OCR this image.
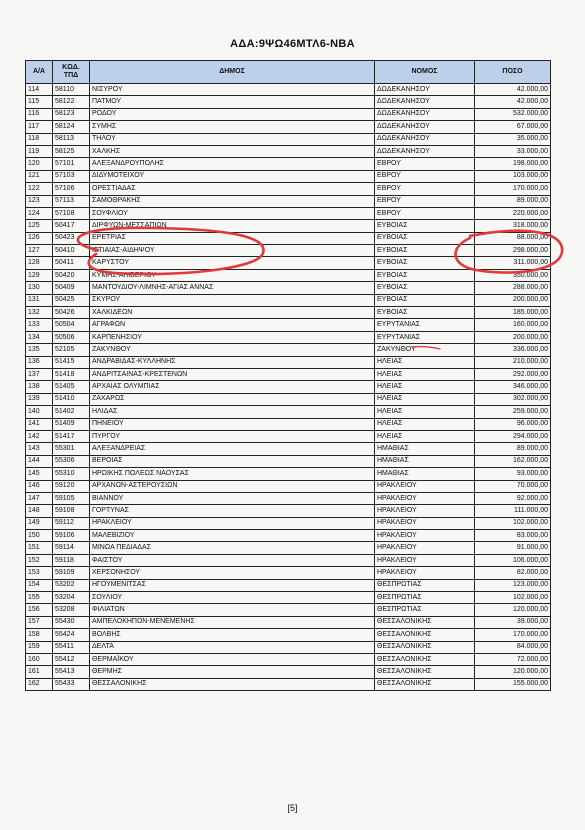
ΑΔΑ:9ΨΩ46ΜΤΛ6-ΝΒΑ
Α/Α	ΚΩΔ.
ΤΠΔ	ΔΗΜΟΣ	ΝΟΜΟΣ	ΠΟΣΟ
114	58110	ΝΙΣΥΡΟΥ	ΔΩΔΕΚΑΝΗΣΟΥ	42.000,00
115	58122	ΠΑΤΜΟΥ	ΔΩΔΕΚΑΝΗΣΟΥ	42.000,00
116	58123	ΡΟΔΟΥ	ΔΩΔΕΚΑΝΗΣΟΥ	532.000,00
117	58124	ΣΥΜΗΣ	ΔΩΔΕΚΑΝΗΣΟΥ	67.000,00
118	58113	ΤΗΛΟΥ	ΔΩΔΕΚΑΝΗΣΟΥ	35.000,00
119	58125	ΧΑΛΚΗΣ	ΔΩΔΕΚΑΝΗΣΟΥ	33.000,00
120	57101	ΑΛΕΞΑΝΔΡΟΥΠΟΛΗΣ	ΕΒΡΟΥ	198.000,00
121	57103	ΔΙΔΥΜΟΤΕΙΧΟΥ	ΕΒΡΟΥ	103.000,00
122	57106	ΟΡΕΣΤΙΑΔΑΣ	ΕΒΡΟΥ	170.000,00
123	57113	ΣΑΜΟΘΡΑΚΗΣ	ΕΒΡΟΥ	89.000,00
124	57108	ΣΟΥΦΛΙΟΥ	ΕΒΡΟΥ	220.000,00
125	50417	ΔΙΡΦΥΩΝ-ΜΕΣΣΑΠΙΩΝ	ΕΥΒΟΙΑΣ	318.000,00
126	50423	ΕΡΕΤΡΙΑΣ	ΕΥΒΟΙΑΣ	88.000,00
127	50410	ΙΣΤΙΑΙΑΣ-ΑΙΔΗΨΟΥ	ΕΥΒΟΙΑΣ	298.000,00
128	50411	ΚΑΡΥΣΤΟΥ	ΕΥΒΟΙΑΣ	311.000,00
129	50420	ΚΥΜΗΣ-ΑΛΙΒΕΡΙΟΥ	ΕΥΒΟΙΑΣ	350.000,00
130	50409	ΜΑΝΤΟΥΔΙΟΥ-ΛΙΜΝΗΣ-ΑΓΙΑΣ ΑΝΝΑΣ	ΕΥΒΟΙΑΣ	288.000,00
131	50425	ΣΚΥΡΟΥ	ΕΥΒΟΙΑΣ	200.000,00
132	50426	ΧΑΛΚΙΔΕΩΝ	ΕΥΒΟΙΑΣ	185.000,00
133	50504	ΑΓΡΑΦΩΝ	ΕΥΡΥΤΑΝΙΑΣ	160.000,00
134	50506	ΚΑΡΠΕΝΗΣΙΟΥ	ΕΥΡΥΤΑΝΙΑΣ	200.000,00
135	52105	ΖΑΚΥΝΘΟΥ	ΖΑΚΥΝΘΟΥ	336.000,00
136	51415	ΑΝΔΡΑΒΙΔΑΣ-ΚΥΛΛΗΝΗΣ	ΗΛΕΙΑΣ	210.000,00
137	51418	ΑΝΔΡΙΤΣΑΙΝΑΣ-ΚΡΕΣΤΕΝΩΝ	ΗΛΕΙΑΣ	292.000,00
138	51405	ΑΡΧΑΙΑΣ ΟΛΥΜΠΙΑΣ	ΗΛΕΙΑΣ	346.000,00
139	51410	ΖΑΧΑΡΩΣ	ΗΛΕΙΑΣ	302.000,00
140	51402	ΗΛΙΔΑΣ	ΗΛΕΙΑΣ	259.000,00
141	51409	ΠΗΝΕΙΟΥ	ΗΛΕΙΑΣ	96.000,00
142	51417	ΠΥΡΓΟΥ	ΗΛΕΙΑΣ	294.000,00
143	55301	ΑΛΕΞΑΝΔΡΕΙΑΣ	ΗΜΑΘΙΑΣ	89.000,00
144	55306	ΒΕΡΟΙΑΣ	ΗΜΑΘΙΑΣ	162.000,00
145	55310	ΗΡΩΙΚΗΣ ΠΟΛΕΩΣ ΝΑΟΥΣΑΣ	ΗΜΑΘΙΑΣ	93.000,00
146	59120	ΑΡΧΑΝΩΝ-ΑΣΤΕΡΟΥΣΙΩΝ	ΗΡΑΚΛΕΙΟΥ	70.000,00
147	59105	ΒΙΑΝΝΟΥ	ΗΡΑΚΛΕΙΟΥ	92.000,00
148	59108	ΓΟΡΤΥΝΑΣ	ΗΡΑΚΛΕΙΟΥ	111.000,00
149	59112	ΗΡΑΚΛΕΙΟΥ	ΗΡΑΚΛΕΙΟΥ	102.000,00
150	59106	ΜΑΛΕΒΙΖΙΟΥ	ΗΡΑΚΛΕΙΟΥ	83.000,00
151	59114	ΜΙΝΩΑ ΠΕΔΙΑΔΑΣ	ΗΡΑΚΛΕΙΟΥ	91.000,00
152	59118	ΦΑΙΣΤΟΥ	ΗΡΑΚΛΕΙΟΥ	106.000,00
153	59109	ΧΕΡΣΟΝΗΣΟΥ	ΗΡΑΚΛΕΙΟΥ	82.000,00
154	53202	ΗΓΟΥΜΕΝΙΤΣΑΣ	ΘΕΣΠΡΩΤΙΑΣ	123.000,00
155	53204	ΣΟΥΛΙΟΥ	ΘΕΣΠΡΩΤΙΑΣ	102.000,00
156	53208	ΦΙΛΙΑΤΩΝ	ΘΕΣΠΡΩΤΙΑΣ	120.000,00
157	55430	ΑΜΠΕΛΟΚΗΠΩΝ-ΜΕΝΕΜΕΝΗΣ	ΘΕΣΣΑΛΟΝΙΚΗΣ	39.000,00
158	55424	ΒΟΛΒΗΣ	ΘΕΣΣΑΛΟΝΙΚΗΣ	170.000,00
159	55411	ΔΕΛΤΑ	ΘΕΣΣΑΛΟΝΙΚΗΣ	84.000,00
160	55412	ΘΕΡΜΑΪΚΟΥ	ΘΕΣΣΑΛΟΝΙΚΗΣ	72.000,00
161	55413	ΘΕΡΜΗΣ	ΘΕΣΣΑΛΟΝΙΚΗΣ	120.000,00
162	55433	ΘΕΣΣΑΛΟΝΙΚΗΣ	ΘΕΣΣΑΛΟΝΙΚΗΣ	155.000,00
[5]
